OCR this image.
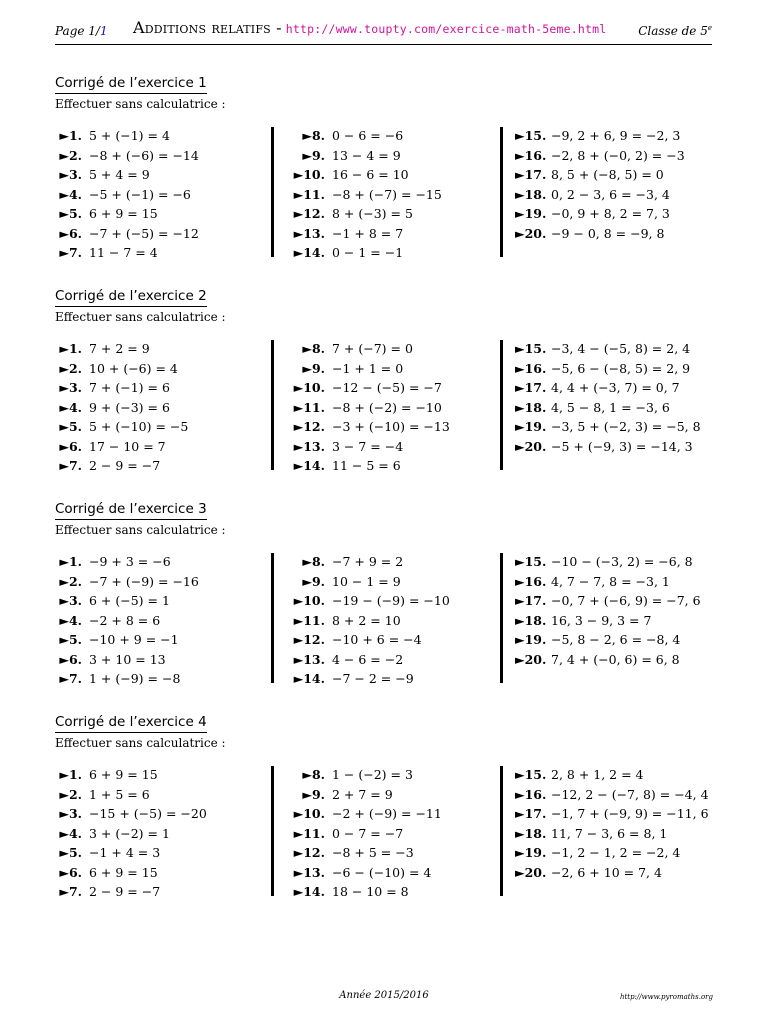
Page 1/1 Additions relatifs - http://www.toupty.com/exercice-math-5eme.html	Classe de 5e
Corrigé de l’exercice 1
Effectuer sans calculatrice :
►1. 5 + (−1) = 4
►2. −8 + (−6) = −14
►3. 5 + 4 = 9
►4. −5 + (−1) = −6
►5. 6 + 9 = 15
►6. −7 + (−5) = −12
►7. 11 − 7 = 4
►8. 0 − 6 = −6
►9. 13 − 4 = 9
►10. 16 − 6 = 10
►11. −8 + (−7) = −15
►12. 8 + (−3) = 5
►13. −1 + 8 = 7
►14. 0 − 1 = −1
►15. −9, 2 + 6, 9 = −2, 3
►16. −2, 8 + (−0, 2) = −3
►17. 8, 5 + (−8, 5) = 0
►18. 0, 2 − 3, 6 = −3, 4
►19. −0, 9 + 8, 2 = 7, 3
►20. −9 − 0, 8 = −9, 8
Corrigé de l’exercice 2
Effectuer sans calculatrice :
►1. 7 + 2 = 9
►2. 10 + (−6) = 4
►3. 7 + (−1) = 6
►4. 9 + (−3) = 6
►5. 5 + (−10) = −5
►6. 17 − 10 = 7
►7. 2 − 9 = −7
►8. 7 + (−7) = 0
►9. −1 + 1 = 0
►10. −12 − (−5) = −7
►11. −8 + (−2) = −10
►12. −3 + (−10) = −13
►13. 3 − 7 = −4
►14. 11 − 5 = 6
►15. −3, 4 − (−5, 8) = 2, 4
►16. −5, 6 − (−8, 5) = 2, 9
►17. 4, 4 + (−3, 7) = 0, 7
►18. 4, 5 − 8, 1 = −3, 6
►19. −3, 5 + (−2, 3) = −5, 8
►20. −5 + (−9, 3) = −14, 3
Corrigé de l’exercice 3
Effectuer sans calculatrice :
►1. −9 + 3 = −6
►2. −7 + (−9) = −16
►3. 6 + (−5) = 1
►4. −2 + 8 = 6
►5. −10 + 9 = −1
►6. 3 + 10 = 13
►7. 1 + (−9) = −8
►8. −7 + 9 = 2
►9. 10 − 1 = 9
►10. −19 − (−9) = −10
►11. 8 + 2 = 10
►12. −10 + 6 = −4
►13. 4 − 6 = −2
►14. −7 − 2 = −9
►15. −10 − (−3, 2) = −6, 8
►16. 4, 7 − 7, 8 = −3, 1
►17. −0, 7 + (−6, 9) = −7, 6
►18. 16, 3 − 9, 3 = 7
►19. −5, 8 − 2, 6 = −8, 4
►20. 7, 4 + (−0, 6) = 6, 8
Corrigé de l’exercice 4
Effectuer sans calculatrice :
►1. 6 + 9 = 15
►2. 1 + 5 = 6
►3. −15 + (−5) = −20
►4. 3 + (−2) = 1
►5. −1 + 4 = 3
►6. 6 + 9 = 15
►7. 2 − 9 = −7
►8. 1 − (−2) = 3
►9. 2 + 7 = 9
►10. −2 + (−9) = −11
►11. 0 − 7 = −7
►12. −8 + 5 = −3
►13. −6 − (−10) = 4
►14. 18 − 10 = 8
►15. 2, 8 + 1, 2 = 4
►16. −12, 2 − (−7, 8) = −4, 4
►17. −1, 7 + (−9, 9) = −11, 6
►18. 11, 7 − 3, 6 = 8, 1
►19. −1, 2 − 1, 2 = −2, 4
►20. −2, 6 + 10 = 7, 4
Année 2015/2016	http://www.pyromaths.org
